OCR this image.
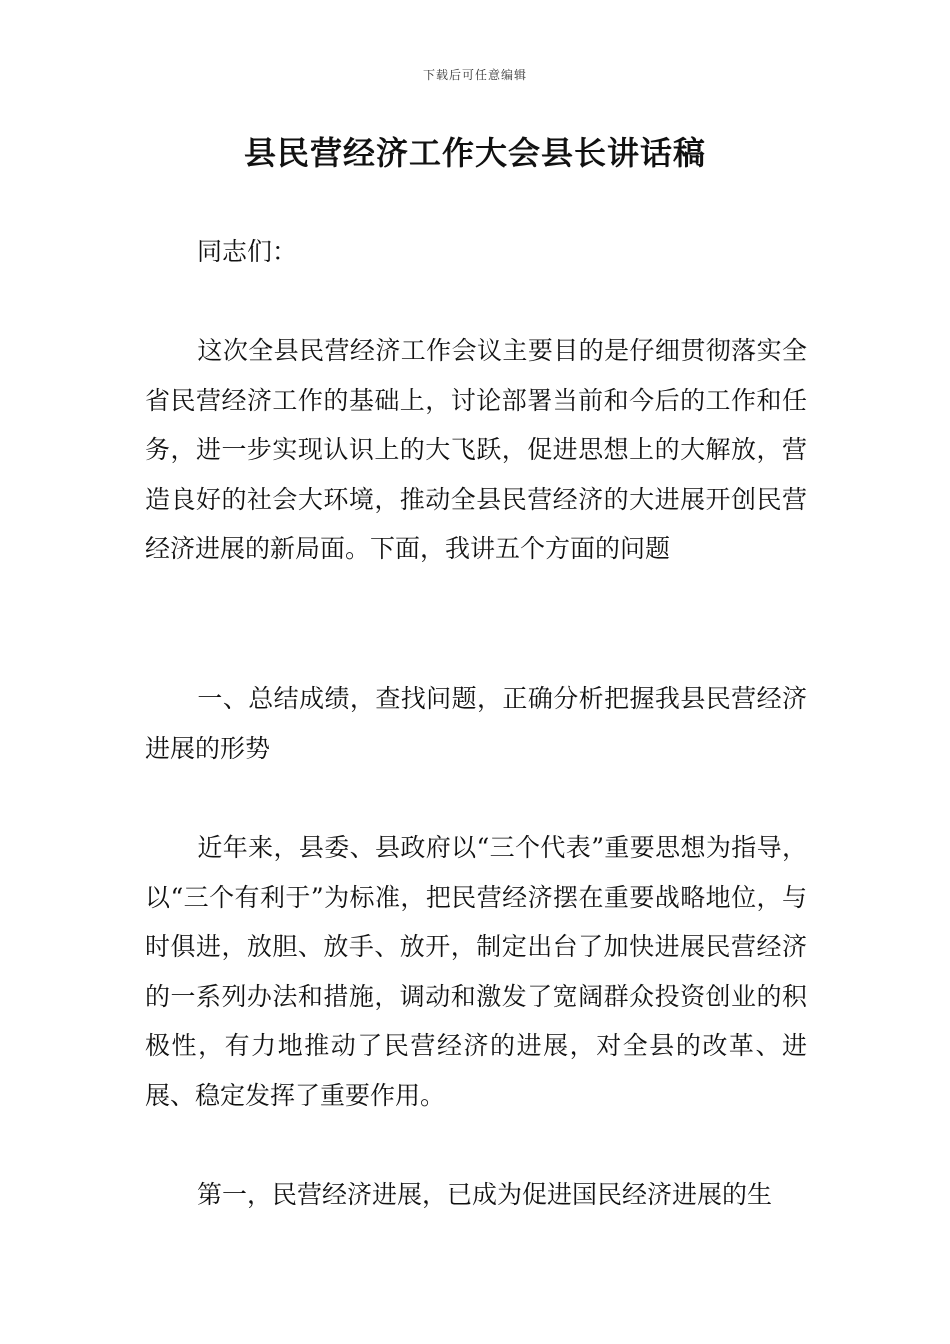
下载后可任意编辑
县民营经济工作大会县长讲话稿

同志们：

这次全县民营经济工作会议主要目的是仔细贯彻落实全省民营经济工作的基础上，讨论部署当前和今后的工作和任务，进一步实现认识上的大飞跃，促进思想上的大解放，营造良好的社会大环境，推动全县民营经济的大进展开创民营经济进展的新局面。下面，我讲五个方面的问题

一、总结成绩，查找问题，正确分析把握我县民营经济进展的形势

近年来，县委、县政府以“三个代表”重要思想为指导，以“三个有利于”为标准，把民营经济摆在重要战略地位，与时俱进，放胆、放手、放开，制定出台了加快进展民营经济的一系列办法和措施，调动和激发了宽阔群众投资创业的积极性，有力地推动了民营经济的进展，对全县的改革、进展、稳定发挥了重要作用。

第一，民营经济进展，已成为促进国民经济进展的生
